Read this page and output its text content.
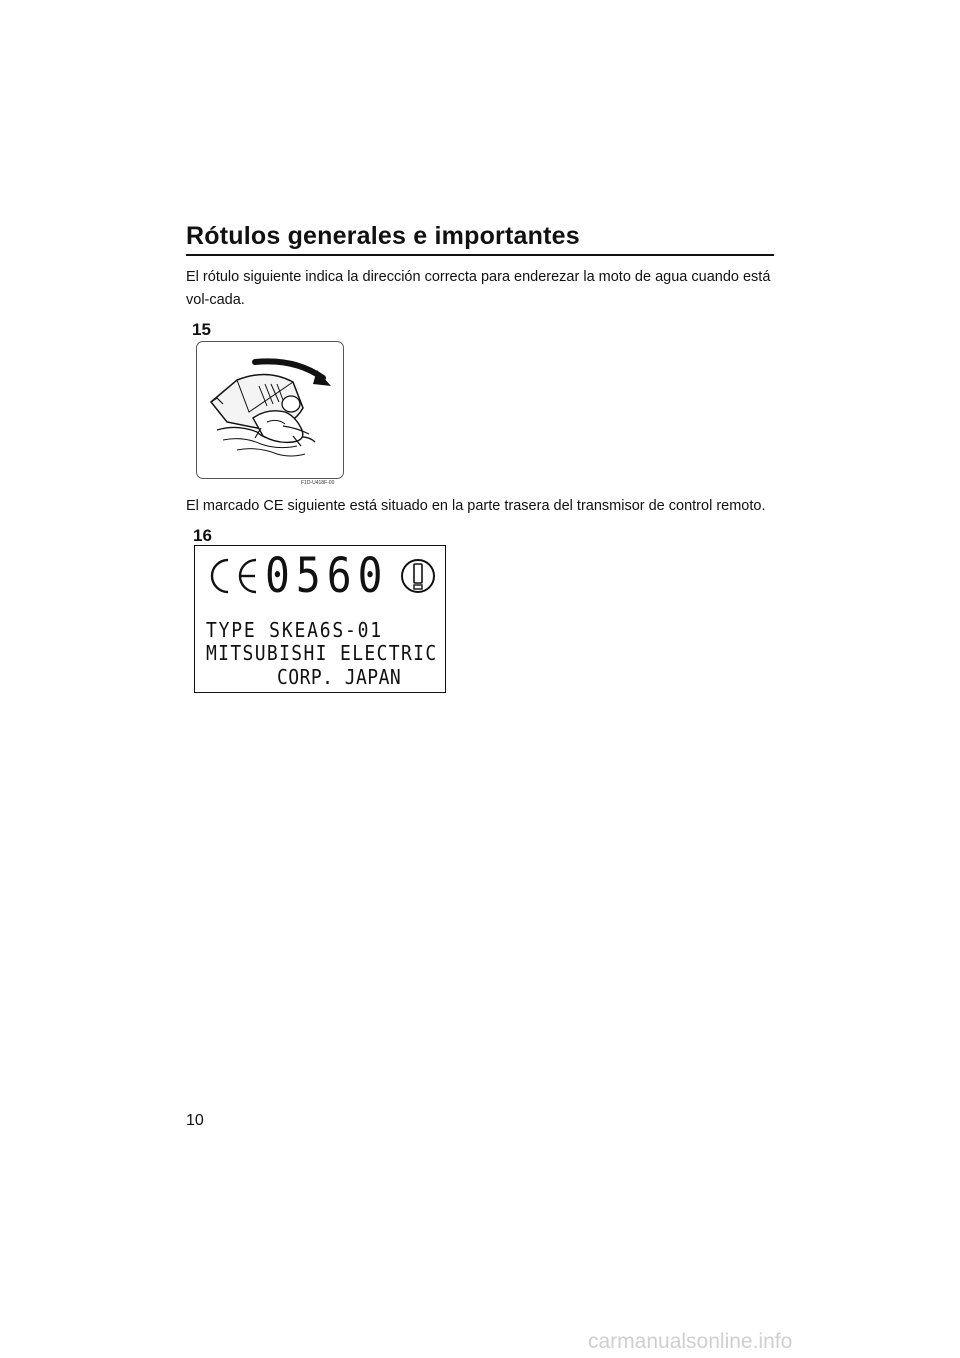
Rótulos generales e importantes

El rótulo siguiente indica la dirección correcta para enderezar la moto de agua cuando está vol-cada.

15
F1D-U418F-00

El marcado CE siguiente está situado en la parte trasera del transmisor de control remoto.

16
0560
TYPE SKEA6S-01
MITSUBISHI ELECTRIC
CORP. JAPAN
10
carmanualsonline.info
